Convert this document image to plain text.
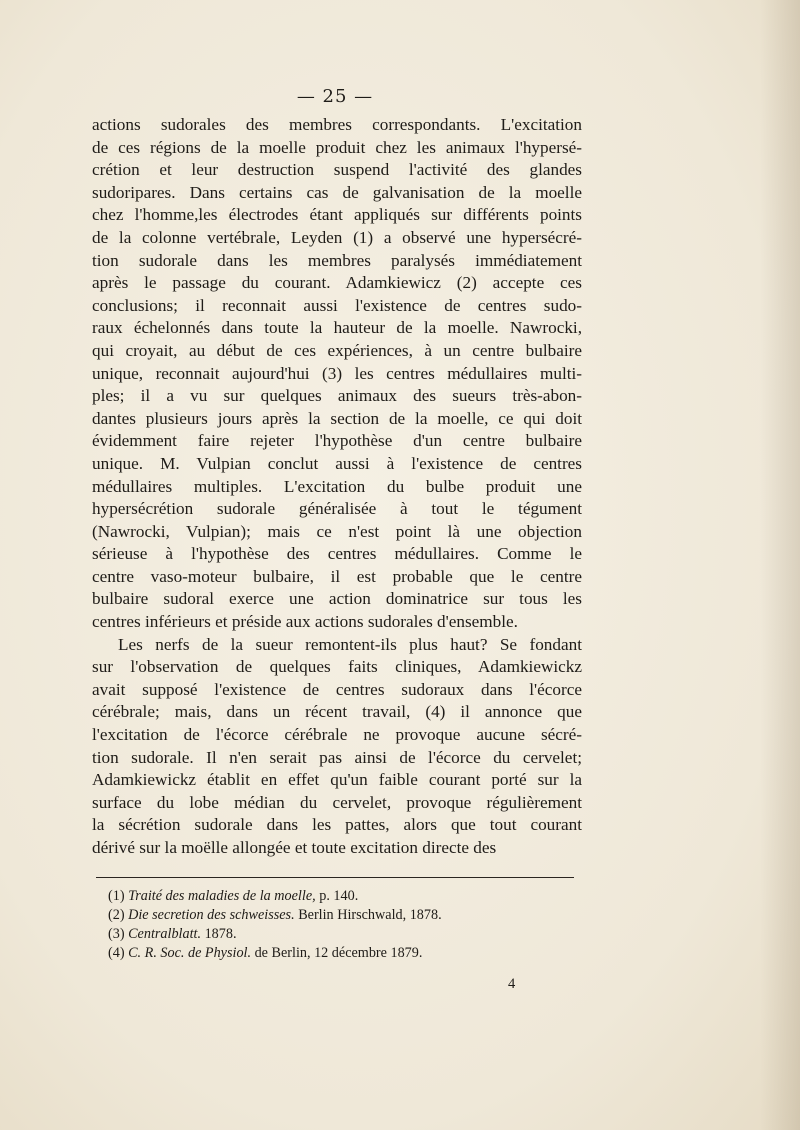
— 25 —
actions sudorales des membres correspondants. L'excitation
de ces régions de la moelle produit chez les animaux l'hypersé-
crétion et leur destruction suspend l'activité des glandes
sudoripares. Dans certains cas de galvanisation de la moelle
chez l'homme,les électrodes étant appliqués sur différents points
de la colonne vertébrale, Leyden (1) a observé une hypersécré-
tion sudorale dans les membres paralysés immédiatement
après le passage du courant. Adamkiewicz (2) accepte ces
conclusions; il reconnait aussi l'existence de centres sudo-
raux échelonnés dans toute la hauteur de la moelle. Nawrocki,
qui croyait, au début de ces expériences, à un centre bulbaire
unique, reconnait aujourd'hui (3) les centres médullaires multi-
ples; il a vu sur quelques animaux des sueurs très-abon-
dantes plusieurs jours après la section de la moelle, ce qui doit
évidemment faire rejeter l'hypothèse d'un centre bulbaire
unique. M. Vulpian conclut aussi à l'existence de centres
médullaires multiples. L'excitation du bulbe produit une
hypersécrétion sudorale généralisée à tout le tégument
(Nawrocki, Vulpian); mais ce n'est point là une objection
sérieuse à l'hypothèse des centres médullaires. Comme le
centre vaso-moteur bulbaire, il est probable que le centre
bulbaire sudoral exerce une action dominatrice sur tous les
centres inférieurs et préside aux actions sudorales d'ensemble.
Les nerfs de la sueur remontent-ils plus haut? Se fondant
sur l'observation de quelques faits cliniques, Adamkiewickz
avait supposé l'existence de centres sudoraux dans l'écorce
cérébrale; mais, dans un récent travail, (4) il annonce que
l'excitation de l'écorce cérébrale ne provoque aucune sécré-
tion sudorale. Il n'en serait pas ainsi de l'écorce du cervelet;
Adamkiewickz établit en effet qu'un faible courant porté sur la
surface du lobe médian du cervelet, provoque régulièrement
la sécrétion sudorale dans les pattes, alors que tout courant
dérivé sur la moëlle allongée et toute excitation directe des
(1) Traité des maladies de la moelle, p. 140.
(2) Die secretion des schweisses. Berlin Hirschwald, 1878.
(3) Centralblatt. 1878.
(4) C. R. Soc. de Physiol. de Berlin, 12 décembre 1879.
4
